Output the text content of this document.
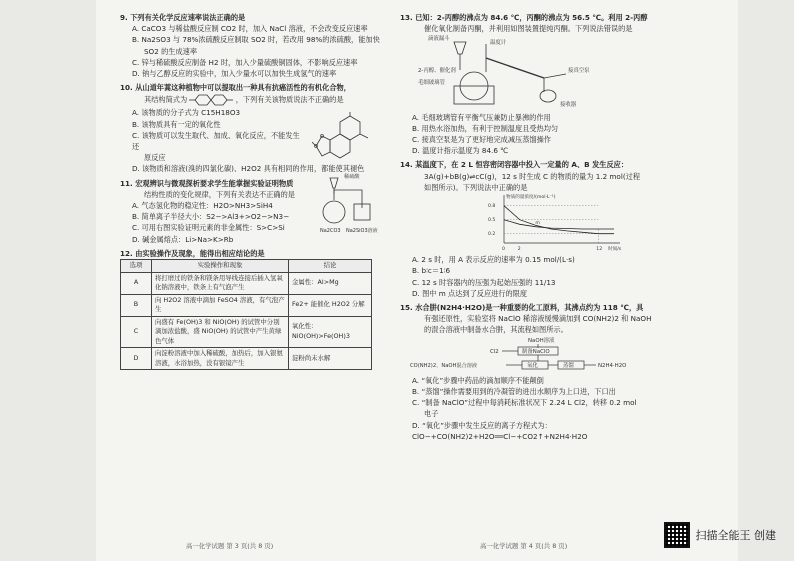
9. 下列有关化学反应速率说法正确的是
A. CaCO3 与稀盐酸反应制 CO2 时，加入 NaCl 溶液，不会改变反应速率
B. Na2SO3 与 78%浓硫酸反应制取 SO2 时，若改用 98%的浓硫酸，能加快
SO2 的生成速率
C. 锌与稀硫酸反应制备 H2 时，加入少量硫酸铜固体，不影响反应速率
D. 钠与乙醇反应的实验中，加入少量水可以加快生成氢气的速率
10. 从山道年蒿这种植物中可以提取出一种具有抗癌活性的有机化合物，
其结构简式为	，下列有关该物质说法不正确的是
A. 该物质的分子式为 C15H18O3
B. 该物质具有一定的氧化性
C. 该物质可以发生取代、加成、氧化反应，不能发生还
原反应
D. 该物质和溶液(溴的四氯化碳)、H2O2 具有相同的作用，都能使其褪色
11. 宏观辨识与微观探析要求学生能掌握实验证明物质
结构性质的变化规律，下列有关表达不正确的是
A. 气态氢化物的稳定性：H2O>NH3>SiH4
B. 简单离子半径大小：S2−>Al3+>O2−>N3−
C. 可用右图实验证明元素的非金属性：S>C>Si
D. 碱金属熔点：Li>Na>K>Rb
稀硫酸
Na2CO3 Na2SiO3溶液
12. 由实验操作及现象，能得出相应结论的是
选项	实验操作和现象	结论
A	将打磨过的铁条和镁条用导线连接后插入氢氧化钠溶液中，铁条上有气泡产生	金属性：Al>Mg
B	向 H2O2 溶液中滴加 FeSO4 溶液，有气泡产生	Fe2+ 能催化 H2O2 分解
C	向盛有 Fe(OH)3 和 NiO(OH) 的试管中分别滴加浓盐酸，盛 NiO(OH) 的试管中产生黄绿色气体	氧化性：NiO(OH)>Fe(OH)3
D	向淀粉溶液中加入稀硫酸，加热后，加入银氨溶液，水浴加热，没有银镜产生	淀粉尚未水解
高一化学试题 第 3 页(共 8 页)
13. 已知：2-丙醇的沸点为 84.6 ℃，丙酮的沸点为 56.5 ℃。利用 2-丙醇
催化氧化制备丙酮，并利用如图装置提纯丙酮。下列说法错误的是
滴液漏斗
温度计
2-丙醇、催化剂
毛细玻璃管
接真空泵
接收器
A. 毛细玻璃管有平衡气压兼防止暴沸的作用
B. 用热水浴加热，有利于控制温度且受热均匀
C. 接真空泵是为了更好地完成减压蒸馏操作
D. 温度计指示温度为 84.6 ℃
14. 某温度下，在 2 L 恒容密闭容器中投入一定量的 A、B 发生反应：
3A(g)+bB(g)⇌cC(g)，12 s 时生成 C 的物质的量为 1.2 mol(过程
如图所示)。下列说法中正确的是
物质的量浓度/(mol·L⁻¹)
时间/s
0.2
0.5
0.8
0	2	12
m
A. 2 s 时，用 A 表示反应的速率为 0.15 mol/(L·s)
B. b∶c＝1∶6
C. 12 s 时容器内的压强为起始压强的 11/13
D. 图中 m 点达到了反应进行的限度
15. 水合肼(N2H4·H2O)是一种重要的化工原料，其沸点约为 118 ℃，具
有强还原性，实验室将 NaClO 稀溶液缓慢滴加到 CO(NH2)2 和 NaOH
的混合溶液中制备水合肼，其流程如图所示。
NaOH溶液
Cl2	制备NaClO
CO(NH2)2、NaOH混合溶液	氧化	蒸馏	N2H4·H2O
A. “氧化”步骤中药品的滴加顺序不能颠倒
B. “蒸馏”操作需要用到的冷凝管的进出水顺序为上口进，下口出
C. “制备 NaClO”过程中每消耗标准状况下 2.24 L Cl2，转移 0.2 mol
电子
D. “氧化”步骤中发生反应的离子方程式为：
ClO−+CO(NH2)2+H2O══Cl−+CO2↑+N2H4·H2O
高一化学试题 第 4 页(共 8 页)
扫描全能王 创建
